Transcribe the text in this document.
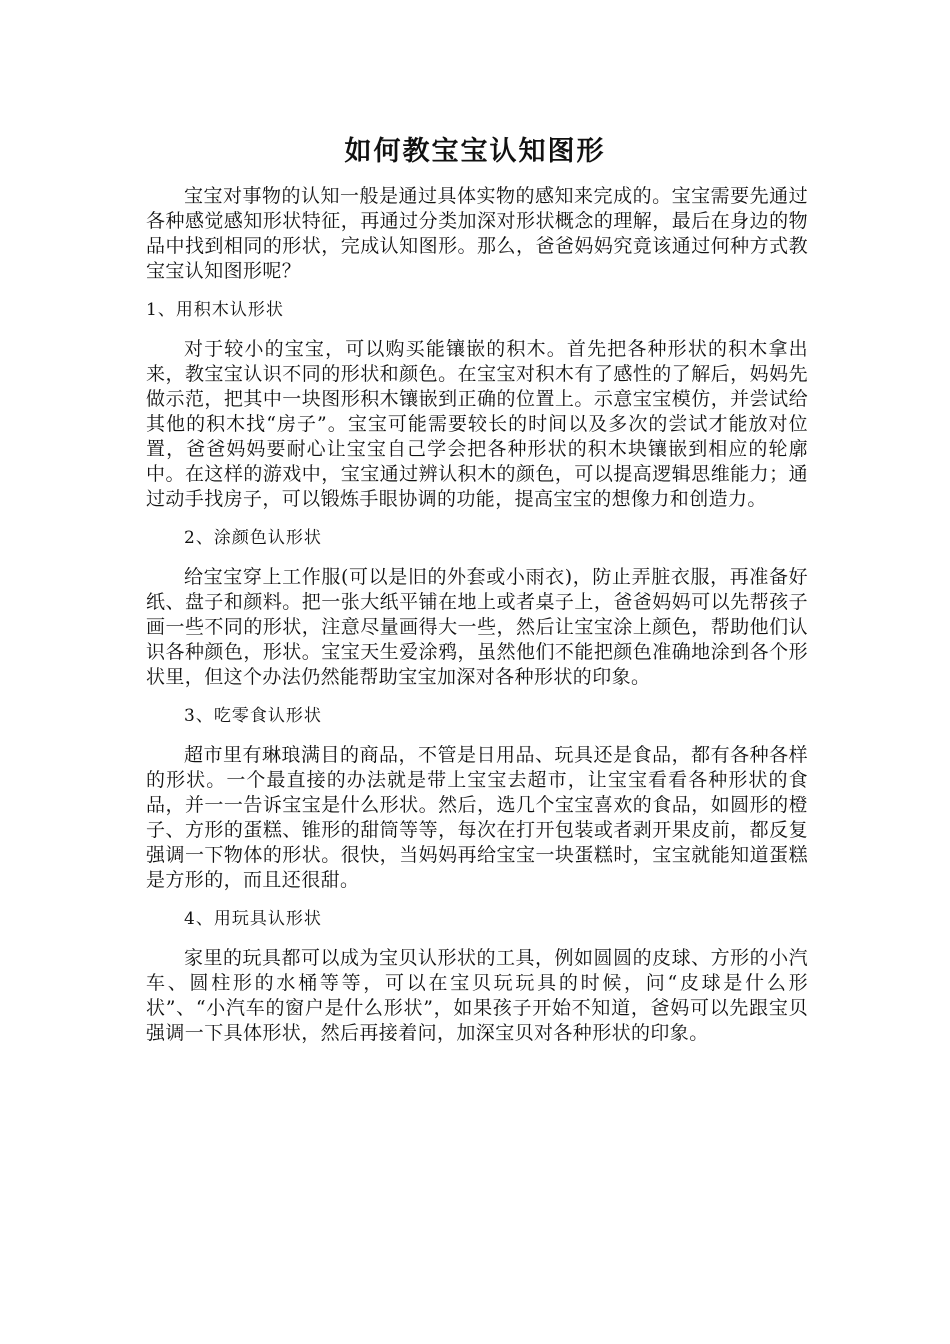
如何教宝宝认知图形

宝宝对事物的认知一般是通过具体实物的感知来完成的。宝宝需要先通过各种感觉感知形状特征，再通过分类加深对形状概念的理解，最后在身边的物品中找到相同的形状，完成认知图形。那么，爸爸妈妈究竟该通过何种方式教宝宝认知图形呢？

1、用积木认形状

对于较小的宝宝，可以购买能镶嵌的积木。首先把各种形状的积木拿出来，教宝宝认识不同的形状和颜色。在宝宝对积木有了感性的了解后，妈妈先做示范，把其中一块图形积木镶嵌到正确的位置上。示意宝宝模仿，并尝试给其他的积木找“房子”。宝宝可能需要较长的时间以及多次的尝试才能放对位置，爸爸妈妈要耐心让宝宝自己学会把各种形状的积木块镶嵌到相应的轮廓中。在这样的游戏中，宝宝通过辨认积木的颜色，可以提高逻辑思维能力；通过动手找房子，可以锻炼手眼协调的功能，提高宝宝的想像力和创造力。

2、涂颜色认形状

给宝宝穿上工作服(可以是旧的外套或小雨衣)，防止弄脏衣服，再准备好纸、盘子和颜料。把一张大纸平铺在地上或者桌子上，爸爸妈妈可以先帮孩子画一些不同的形状，注意尽量画得大一些，然后让宝宝涂上颜色，帮助他们认识各种颜色，形状。宝宝天生爱涂鸦，虽然他们不能把颜色准确地涂到各个形状里，但这个办法仍然能帮助宝宝加深对各种形状的印象。

3、吃零食认形状

超市里有琳琅满目的商品，不管是日用品、玩具还是食品，都有各种各样的形状。一个最直接的办法就是带上宝宝去超市，让宝宝看看各种形状的食品，并一一告诉宝宝是什么形状。然后，选几个宝宝喜欢的食品，如圆形的橙子、方形的蛋糕、锥形的甜筒等等，每次在打开包装或者剥开果皮前，都反复强调一下物体的形状。很快，当妈妈再给宝宝一块蛋糕时，宝宝就能知道蛋糕是方形的，而且还很甜。

4、用玩具认形状

家里的玩具都可以成为宝贝认形状的工具，例如圆圆的皮球、方形的小汽车、圆柱形的水桶等等，可以在宝贝玩玩具的时候，问“皮球是什么形状”、“小汽车的窗户是什么形状”，如果孩子开始不知道，爸妈可以先跟宝贝强调一下具体形状，然后再接着问，加深宝贝对各种形状的印象。
